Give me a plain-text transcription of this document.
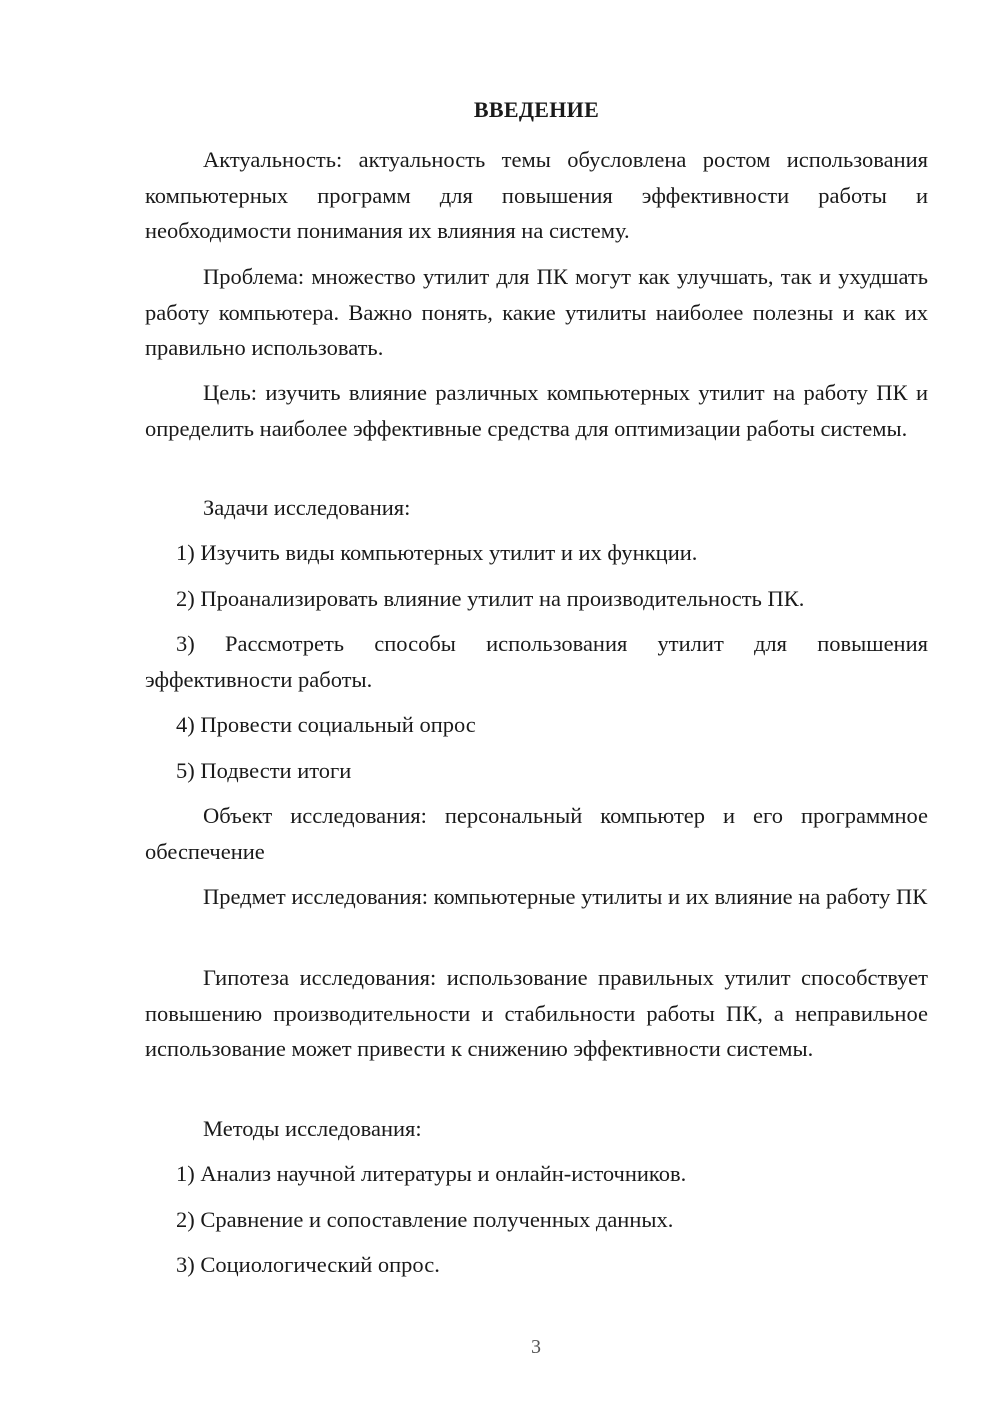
ВВЕДЕНИЕ

Актуальность: актуальность темы обусловлена ростом использования компьютерных программ для повышения эффективности работы и необходимости понимания их влияния на систему.

Проблема: множество утилит для ПК могут как улучшать, так и ухудшать работу компьютера. Важно понять, какие утилиты наиболее полезны и как их правильно использовать.

Цель: изучить влияние различных компьютерных утилит на работу ПК и определить наиболее эффективные средства для оптимизации работы системы.

Задачи исследования:

1) Изучить виды компьютерных утилит и их функции.

2) Проанализировать влияние утилит на производительность ПК.

3) Рассмотреть способы использования утилит для повышения эффективности работы.

4) Провести социальный опрос

5) Подвести итоги

Объект исследования: персональный компьютер и его программное обеспечение

Предмет исследования: компьютерные утилиты и их влияние на работу ПК

Гипотеза исследования: использование правильных утилит способствует повышению производительности и стабильности работы ПК, а неправильное использование может привести к снижению эффективности системы.

Методы исследования:

1) Анализ научной литературы и онлайн-источников.

2) Сравнение и сопоставление полученных данных.

3) Социологический опрос.

3
